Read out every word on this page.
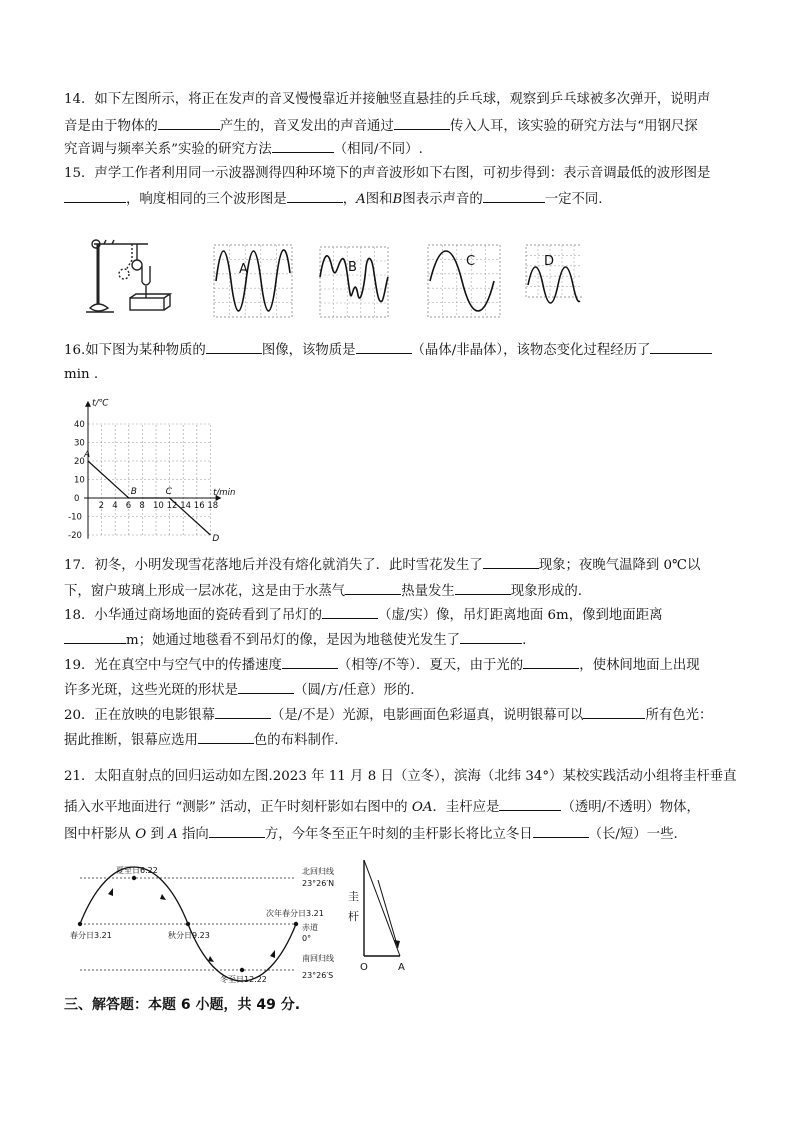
14．如下左图所示，将正在发声的音叉慢慢靠近并接触竖直悬挂的乒乓球，观察到乒乓球被多次弹开，说明声
音是由于物体的	产生的，音叉发出的声音通过	传入人耳，该实验的研究方法与“用钢尺探
究音调与频率关系”实验的研究方法	（相同/不同）.
15．声学工作者利用同一示波器测得四种环境下的声音波形如下右图，可初步得到：表示音调最低的波形图是
，响度相同的三个波形图是	，A图和B图表示声音的	一定不同.
A	B	C	D
16.如下图为某种物质的	图像，该物质是	（晶体/非晶体），该物态变化过程经历了
min .
2 4 6 8 10 12 14 16 18
40
30
20
10
0
-10
-20
A
B	C
D
t/℃
t/min
17．初冬，小明发现雪花落地后并没有熔化就消失了．此时雪花发生了	现象；夜晚气温降到 0℃以
下，窗户玻璃上形成一层冰花，这是由于水蒸气	热量发生	现象形成的.
18．小华通过商场地面的瓷砖看到了吊灯的	（虚/实）像，吊灯距离地面 6m，像到地面距离
m；她通过地毯看不到吊灯的像，是因为地毯使光发生了	.
19．光在真空中与空气中的传播速度	（相等/不等）．夏天，由于光的	，使林间地面上出现
许多光斑，这些光斑的形状是	（圆/方/任意）形的.
20．正在放映的电影银幕	（是/不是）光源，电影画面色彩逼真，说明银幕可以	所有色光：
据此推断，银幕应选用	色的布料制作.
21．太阳直射点的回归运动如左图.2023 年 11 月 8 日（立冬），滨海（北纬 34°）某校实践活动小组将圭杆垂直
插入水平地面进行 “测影” 活动，正午时刻杆影如右图中的 OA．圭杆应是	（透明/不透明）物体，
图中杆影从 O 到 A 指向	方，今年冬至正午时刻的圭杆影长将比立冬日	（长/短）一些.
夏至日6.22	北回归线
23°26′N
次年春分日3.21
春分日3.21	秋分日9.23
赤道
0°
南回归线
冬至日12.22	23°26′S
圭
杆
O	A
三、解答题：本题 6 小题，共 49 分.
